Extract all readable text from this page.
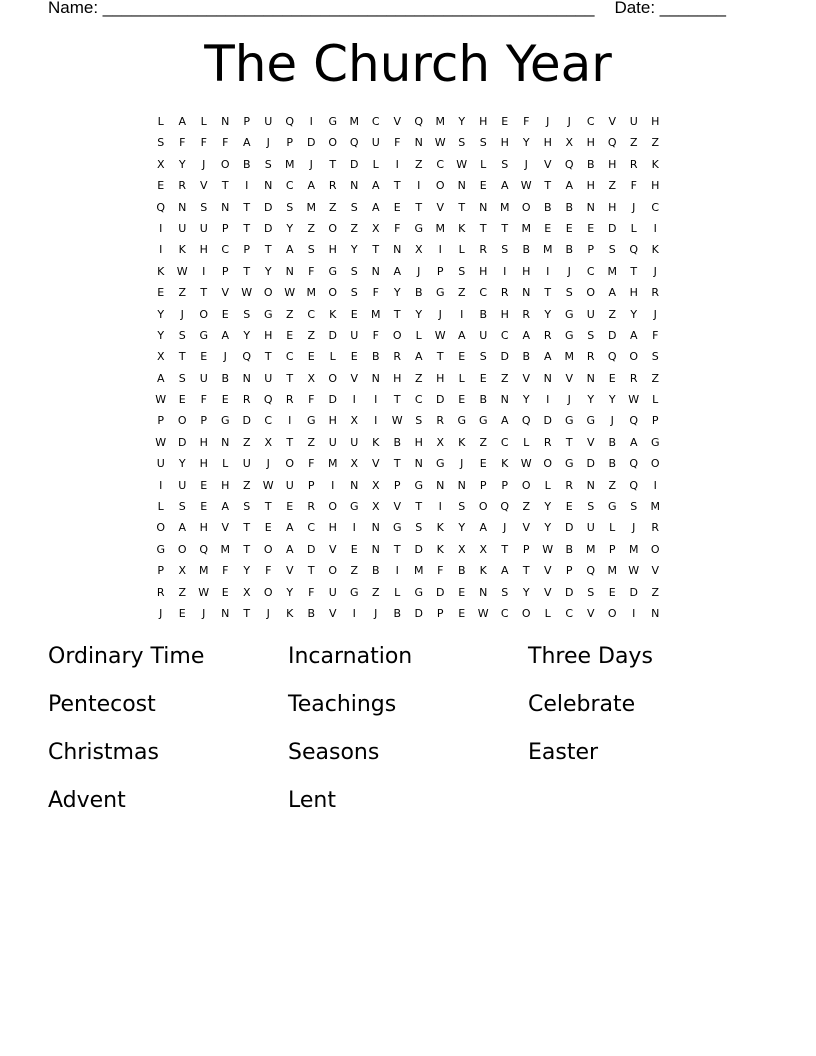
Name: ____________________________________________________ Date: _______
The Church Year
L	A	L	N	P	U	Q	I	G	M	C	V	Q	M	Y	H	E	F	J	J	C	V	U	H
S	F	F	F	A	J	P	D	O	Q	U	F	N	W	S	S	H	Y	H	X	H	Q	Z	Z
X	Y	J	O	B	S	M	J	T	D	L	I	Z	C	W	L	S	J	V	Q	B	H	R	K
E	R	V	T	I	N	C	A	R	N	A	T	I	O	N	E	A	W	T	A	H	Z	F	H
Q	N	S	N	T	D	S	M	Z	S	A	E	T	V	T	N	M	O	B	B	N	H	J	C
I	U	U	P	T	D	Y	Z	O	Z	X	F	G	M	K	T	T	M	E	E	E	D	L	I
I	K	H	C	P	T	A	S	H	Y	T	N	X	I	L	R	S	B	M	B	P	S	Q	K
K	W	I	P	T	Y	N	F	G	S	N	A	J	P	S	H	I	H	I	J	C	M	T	J
E	Z	T	V	W	O	W	M	O	S	F	Y	B	G	Z	C	R	N	T	S	O	A	H	R
Y	J	O	E	S	G	Z	C	K	E	M	T	Y	J	I	B	H	R	Y	G	U	Z	Y	J
Y	S	G	A	Y	H	E	Z	D	U	F	O	L	W	A	U	C	A	R	G	S	D	A	F
X	T	E	J	Q	T	C	E	L	E	B	R	A	T	E	S	D	B	A	M	R	Q	O	S
A	S	U	B	N	U	T	X	O	V	N	H	Z	H	L	E	Z	V	N	V	N	E	R	Z
W	E	F	E	R	Q	R	F	D	I	I	T	C	D	E	B	N	Y	I	J	Y	Y	W	L
P	O	P	G	D	C	I	G	H	X	I	W	S	R	G	G	A	Q	D	G	G	J	Q	P
W	D	H	N	Z	X	T	Z	U	U	K	B	H	X	K	Z	C	L	R	T	V	B	A	G
U	Y	H	L	U	J	O	F	M	X	V	T	N	G	J	E	K	W	O	G	D	B	Q	O
I	U	E	H	Z	W	U	P	I	N	X	P	G	N	N	P	P	O	L	R	N	Z	Q	I
L	S	E	A	S	T	E	R	O	G	X	V	T	I	S	O	Q	Z	Y	E	S	G	S	M
O	A	H	V	T	E	A	C	H	I	N	G	S	K	Y	A	J	V	Y	D	U	L	J	R
G	O	Q	M	T	O	A	D	V	E	N	T	D	K	X	X	T	P	W	B	M	P	M	O
P	X	M	F	Y	F	V	T	O	Z	B	I	M	F	B	K	A	T	V	P	Q	M	W	V
R	Z	W	E	X	O	Y	F	U	G	Z	L	G	D	E	N	S	Y	V	D	S	E	D	Z
J	E	J	N	T	J	K	B	V	I	J	B	D	P	E	W	C	O	L	C	V	O	I	N
Ordinary Time	Incarnation	Three Days
Pentecost	Teachings	Celebrate
Christmas	Seasons	Easter
Advent	Lent
